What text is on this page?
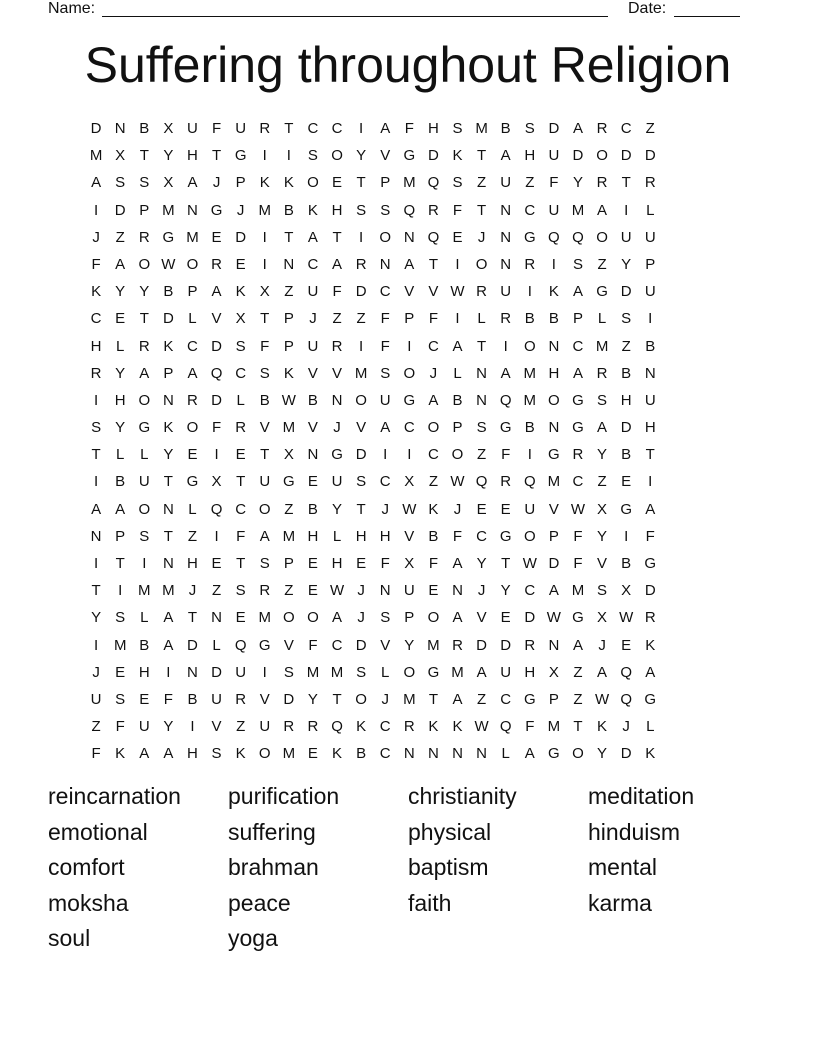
Name:	Date:
Suffering throughout Religion
D N B X U F U R T C C	I	A F H S M B S D A R C Z
M X T Y H T G	I	I	S O Y V G D K T A H U D O D D
A S S X A	J	P K K O E T P M Q S Z U Z F Y R T R
I	D P M N G J M B K H S S Q R F T N C U M A	I	L
J	Z R G M E D	I	T A T	I	O N Q E	J N G Q Q O U U
F A O W O R E	I	N C A R N A T	I	O N R	I	S Z Y P
K Y Y B P A K X Z U F D C V V W R U	I	K A G D U
C E T D L V X T P	J	Z Z F P F	I	L R B B P L S	I
H L R K C D S F P U R	I	F	I	C A T	I	O N C M Z B
R Y A P A Q C S K V V M S O J	L N A M H A R B N
I	H O N R D L B W B N O U G A B N Q M O G S H U
S Y G K O F R V M V	J	V A C O P S G B N G A D H
T	L	L Y E	I	E T X N G D	I	I	C O Z F	I	G R Y B T
I	B U T G X T U G E U S C X Z W Q R Q M C Z E	I
A A O N L Q C O Z B Y T	J W K	J	E E U V W X G A
N P S T Z	I	F A M H L H H V B F C G O P F Y	I	F
I	T	I	N H E T S P E H E F X F A Y T W D F V B G
T	I	M M J	Z S R Z E W J N U E N J	Y C A M S X D
Y S L A T N E M O O A	J	S P O A V E D W G X W R
I	M B A D L Q G V F C D V Y M R D D R N A	J	E K
J	E H	I	N D U	I	S M M S L O G M A U H X Z A Q A
U S E F B U R V D Y T O J M T A Z C G P Z W Q G
Z F U Y	I	V Z U R R Q K C R K K W Q F M T K	J	L
F K A A H S K O M E K B C N N N N L A G O Y D K
reincarnation	purification	christianity	meditation
emotional	suffering	physical	hinduism
comfort	brahman	baptism	mental
moksha	peace	faith	karma
soul	yoga
